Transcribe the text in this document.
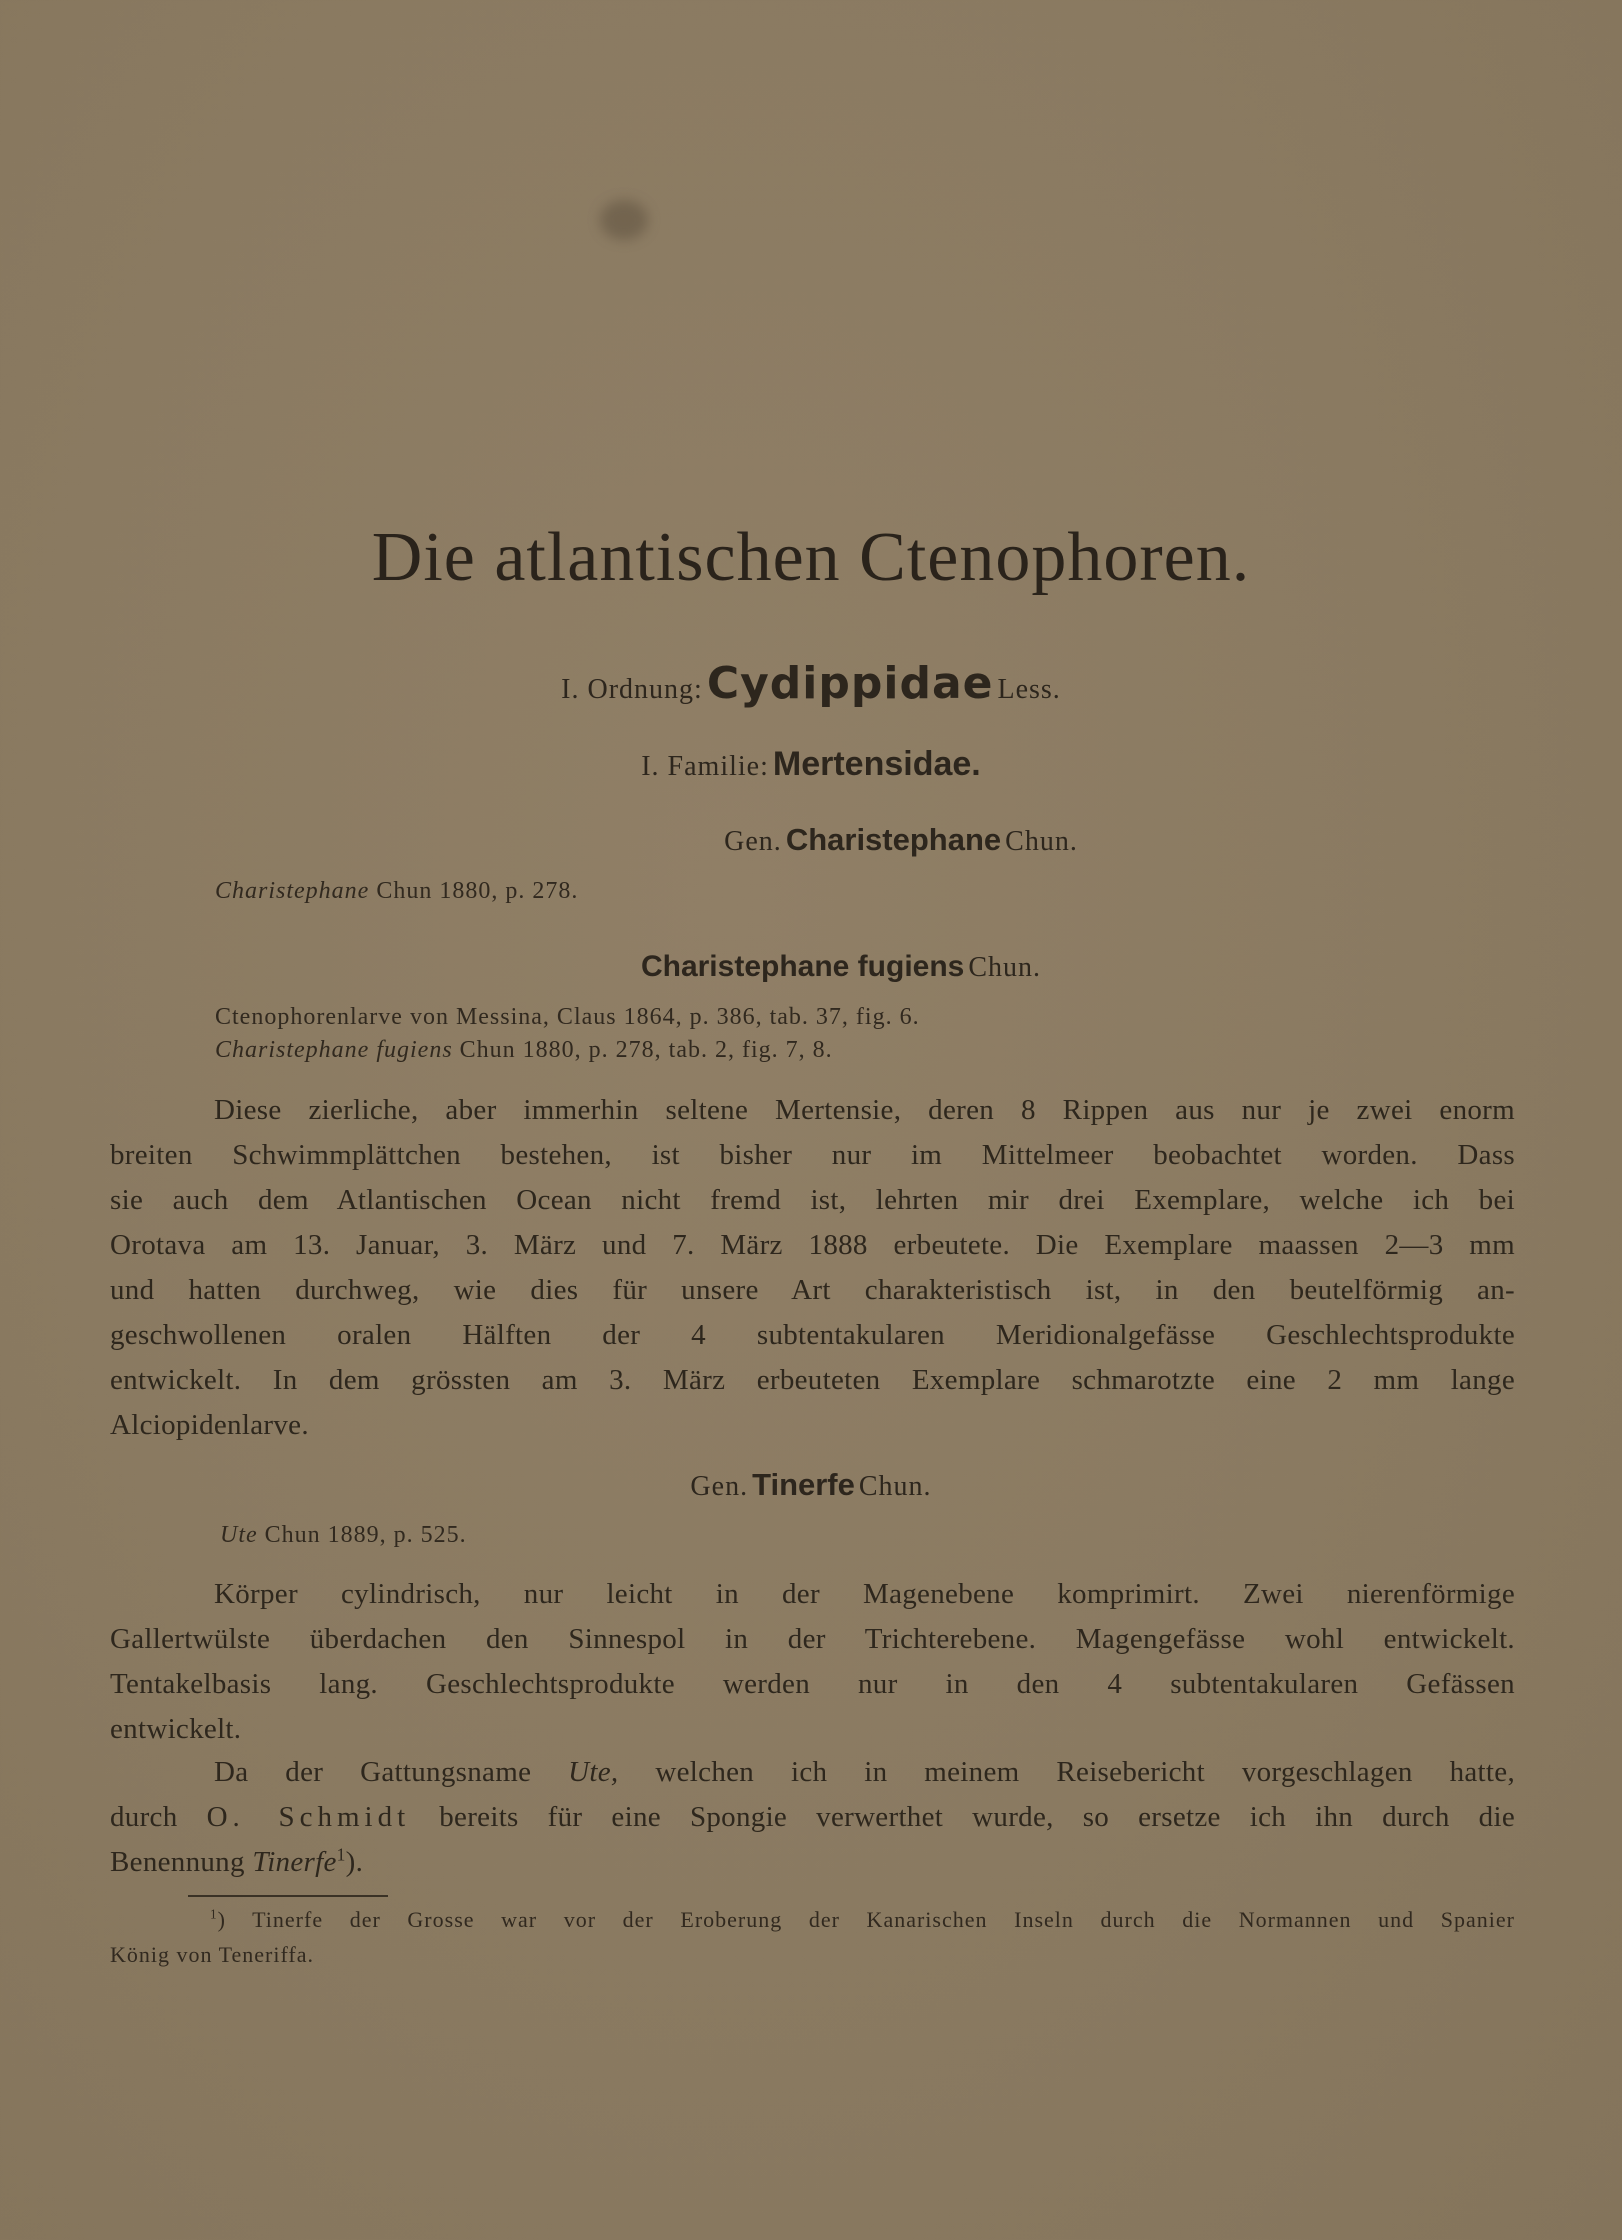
Die atlantischen Ctenophoren.
I. Ordnung: Cydippidae Less.
I. Familie: Mertensidae.
Gen. Charistephane Chun.
Charistephane Chun 1880, p. 278.
Charistephane fugiens Chun.
Ctenophorenlarve von Messina, Claus 1864, p. 386, tab. 37, fig. 6.
Charistephane fugiens Chun 1880, p. 278, tab. 2, fig. 7, 8.
Diese zierliche, aber immerhin seltene Mertensie, deren 8 Rippen aus nur je zwei enorm
breiten Schwimmplättchen bestehen, ist bisher nur im Mittelmeer beobachtet worden. Dass
sie auch dem Atlantischen Ocean nicht fremd ist, lehrten mir drei Exemplare, welche ich bei
Orotava am 13. Januar, 3. März und 7. März 1888 erbeutete. Die Exemplare maassen 2—3 mm
und hatten durchweg, wie dies für unsere Art charakteristisch ist, in den beutelförmig an-
geschwollenen oralen Hälften der 4 subtentakularen Meridionalgefässe Geschlechtsprodukte
entwickelt. In dem grössten am 3. März erbeuteten Exemplare schmarotzte eine 2 mm lange
Alciopidenlarve.
Gen. Tinerfe Chun.
Ute Chun 1889, p. 525.
Körper cylindrisch, nur leicht in der Magenebene komprimirt. Zwei nierenförmige
Gallertwülste überdachen den Sinnespol in der Trichterebene. Magengefässe wohl entwickelt.
Tentakelbasis lang. Geschlechtsprodukte werden nur in den 4 subtentakularen Gefässen
entwickelt.
Da der Gattungsname Ute, welchen ich in meinem Reisebericht vorgeschlagen hatte,
durch O. Schmidt bereits für eine Spongie verwerthet wurde, so ersetze ich ihn durch die
Benennung Tinerfe$^1$).
$^1$) Tinerfe der Grosse war vor der Eroberung der Kanarischen Inseln durch die Normannen und Spanier
König von Teneriffa.
